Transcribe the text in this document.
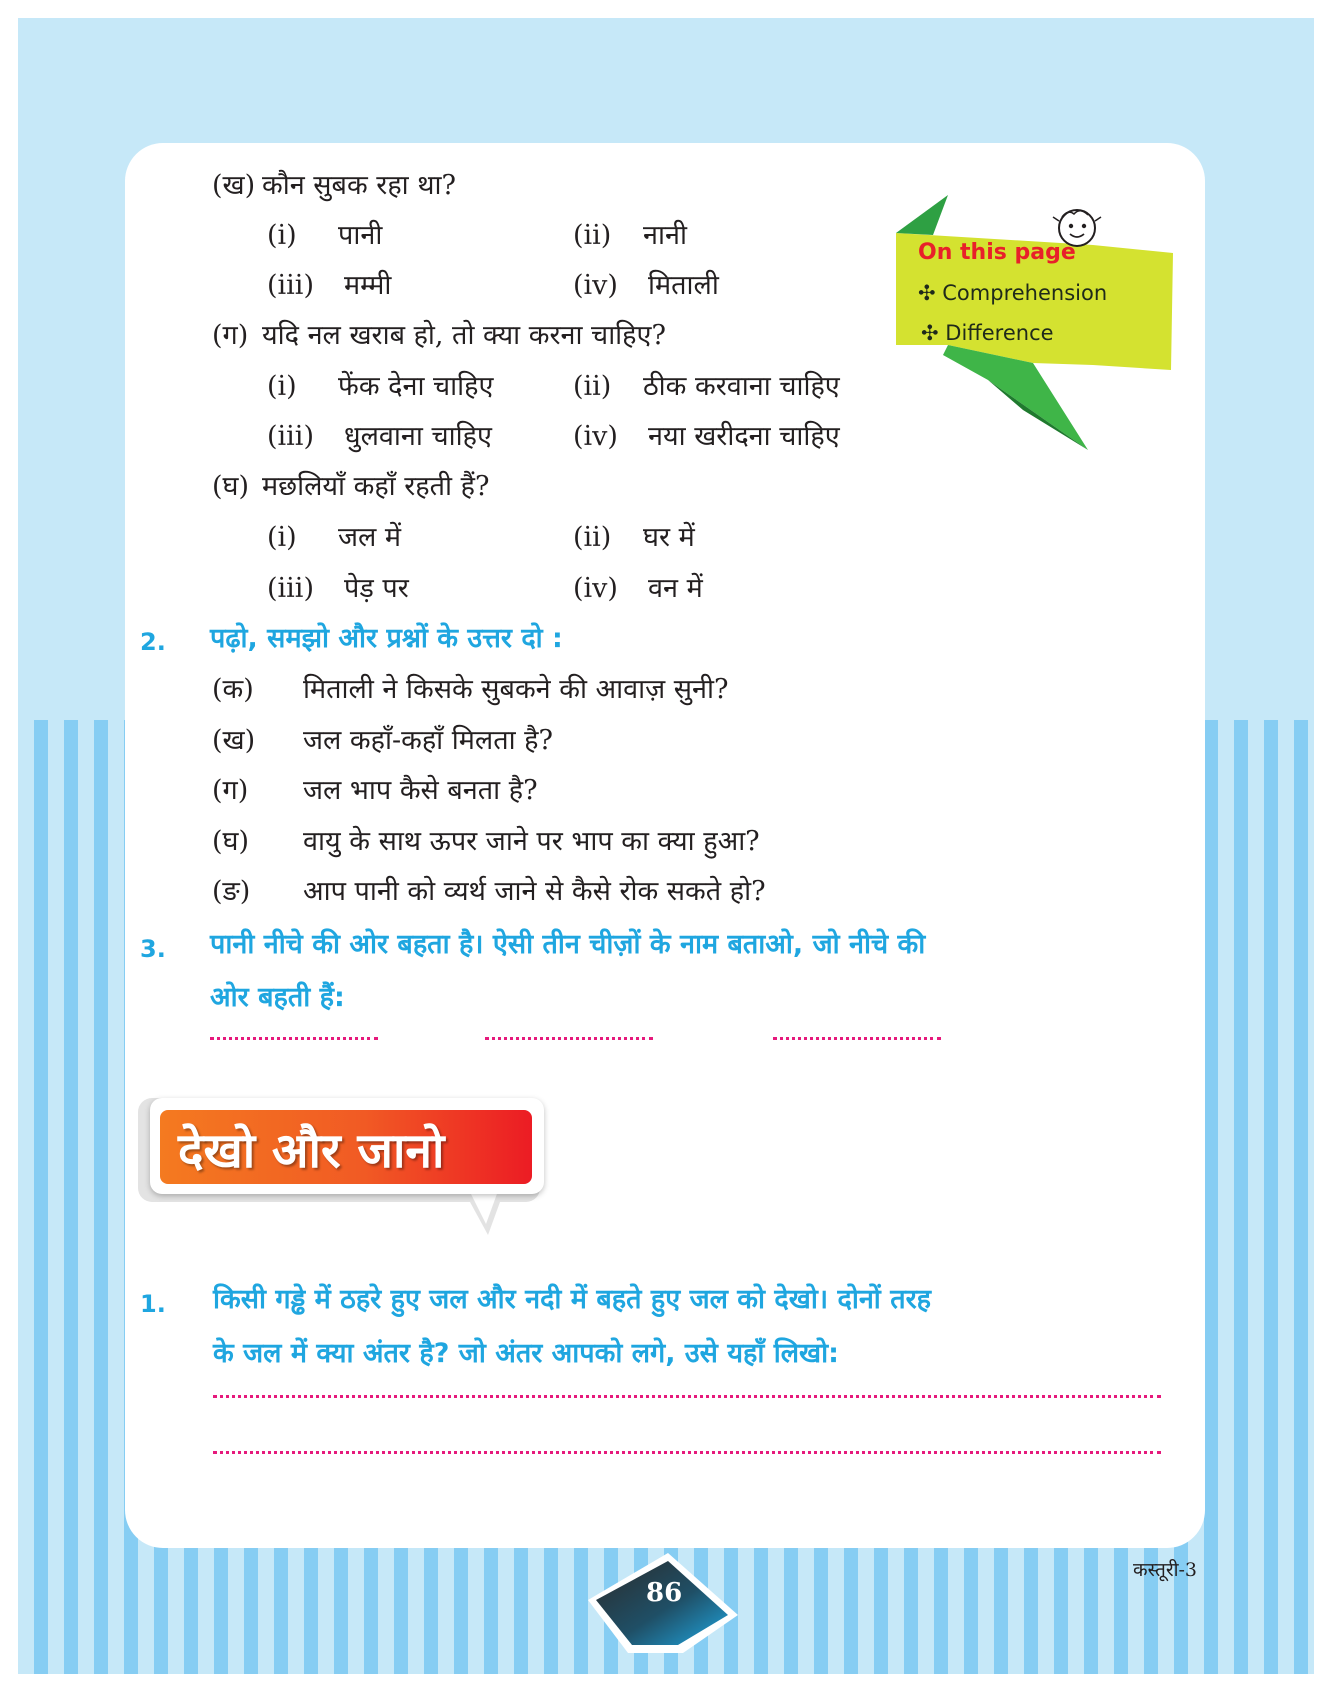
(ख) कौन सुबक रहा था?
(i) पानी	(ii) नानी
(iii) मम्मी	(iv) मिताली
(ग) यदि नल खराब हो, तो क्या करना चाहिए?
(i) फेंक देना चाहिए	(ii) ठीक करवाना चाहिए
(iii) धुलवाना चाहिए	(iv) नया खरीदना चाहिए
(घ) मछलियाँ कहाँ रहती हैं?
(i) जल में	(ii) घर में
(iii) पेड़ पर	(iv) वन में
2. पढ़ो, समझो और प्रश्नों के उत्तर दो :
(क) मिताली ने किसके सुबकने की आवाज़ सुनी?
(ख) जल कहाँ-कहाँ मिलता है?
(ग) जल भाप कैसे बनता है?
(घ) वायु के साथ ऊपर जाने पर भाप का क्या हुआ?
(ङ) आप पानी को व्यर्थ जाने से कैसे रोक सकते हो?
3. पानी नीचे की ओर बहता है। ऐसी तीन चीज़ों के नाम बताओ, जो नीचे की
ओर बहती हैं:
On this page
✣ Comprehension
✣ Difference
देखो और जानो
1. किसी गड्ढे में ठहरे हुए जल और नदी में बहते हुए जल को देखो। दोनों तरह
के जल में क्या अंतर है? जो अंतर आपको लगे, उसे यहाँ लिखो:
86
कस्तूरी-3
